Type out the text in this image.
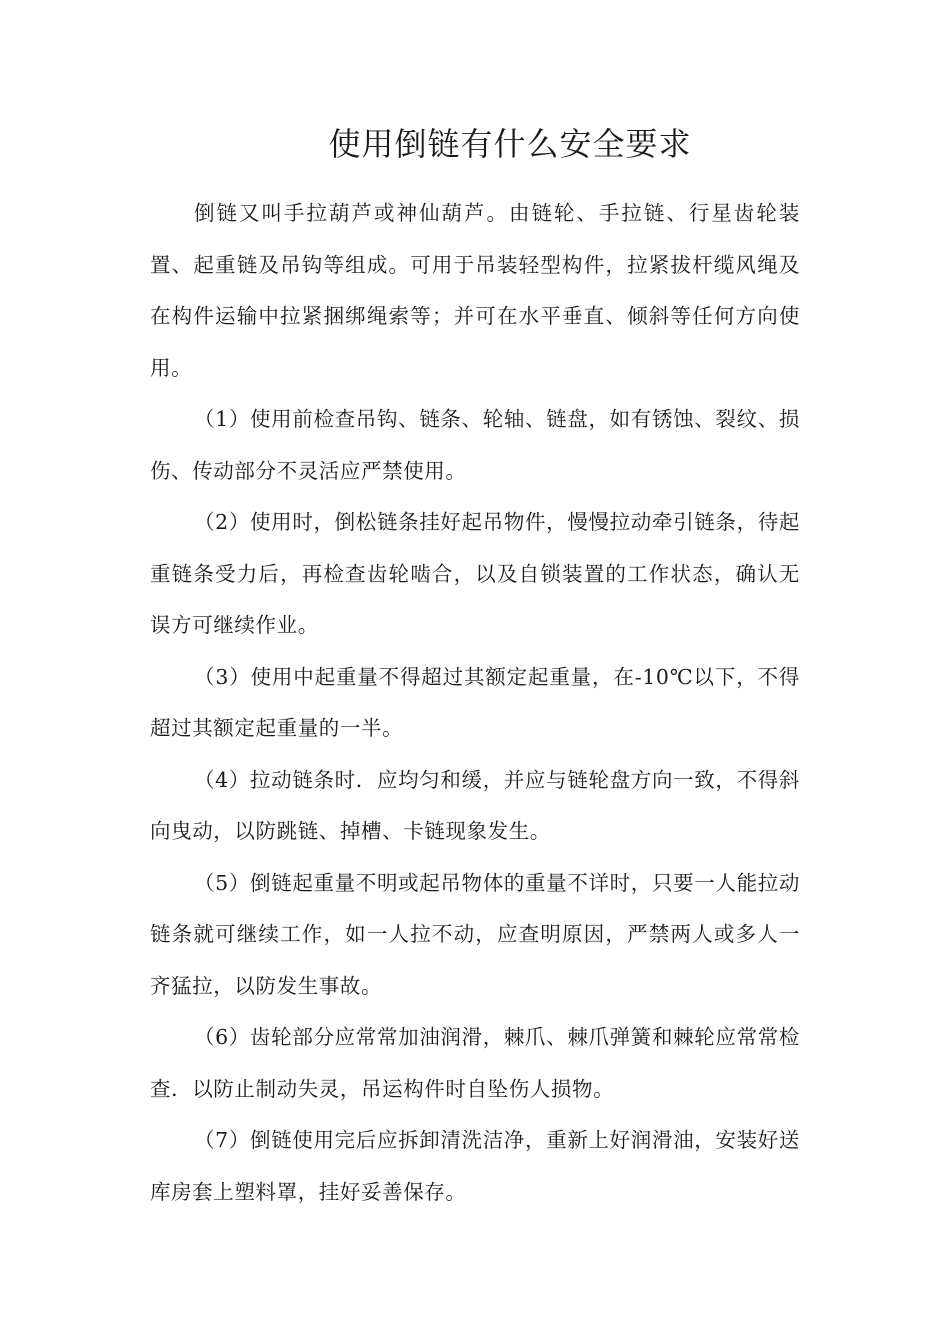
使用倒链有什么安全要求

倒链又叫手拉葫芦或神仙葫芦。由链轮、手拉链、行星齿轮装置、起重链及吊钩等组成。可用于吊装轻型构件，拉紧拔杆缆风绳及在构件运输中拉紧捆绑绳索等；并可在水平垂直、倾斜等任何方向使用。

（1）使用前检查吊钩、链条、轮轴、链盘，如有锈蚀、裂纹、损伤、传动部分不灵活应严禁使用。

（2）使用时，倒松链条挂好起吊物件，慢慢拉动牵引链条，待起重链条受力后，再检查齿轮啮合，以及自锁装置的工作状态，确认无误方可继续作业。

（3）使用中起重量不得超过其额定起重量，在-10℃以下，不得超过其额定起重量的一半。

（4）拉动链条时．应均匀和缓，并应与链轮盘方向一致，不得斜向曳动，以防跳链、掉槽、卡链现象发生。

（5）倒链起重量不明或起吊物体的重量不详时，只要一人能拉动链条就可继续工作，如一人拉不动，应查明原因，严禁两人或多人一齐猛拉，以防发生事故。

（6）齿轮部分应常常加油润滑，棘爪、棘爪弹簧和棘轮应常常检查．以防止制动失灵，吊运构件时自坠伤人损物。

（7）倒链使用完后应拆卸清洗洁净，重新上好润滑油，安装好送库房套上塑料罩，挂好妥善保存。
